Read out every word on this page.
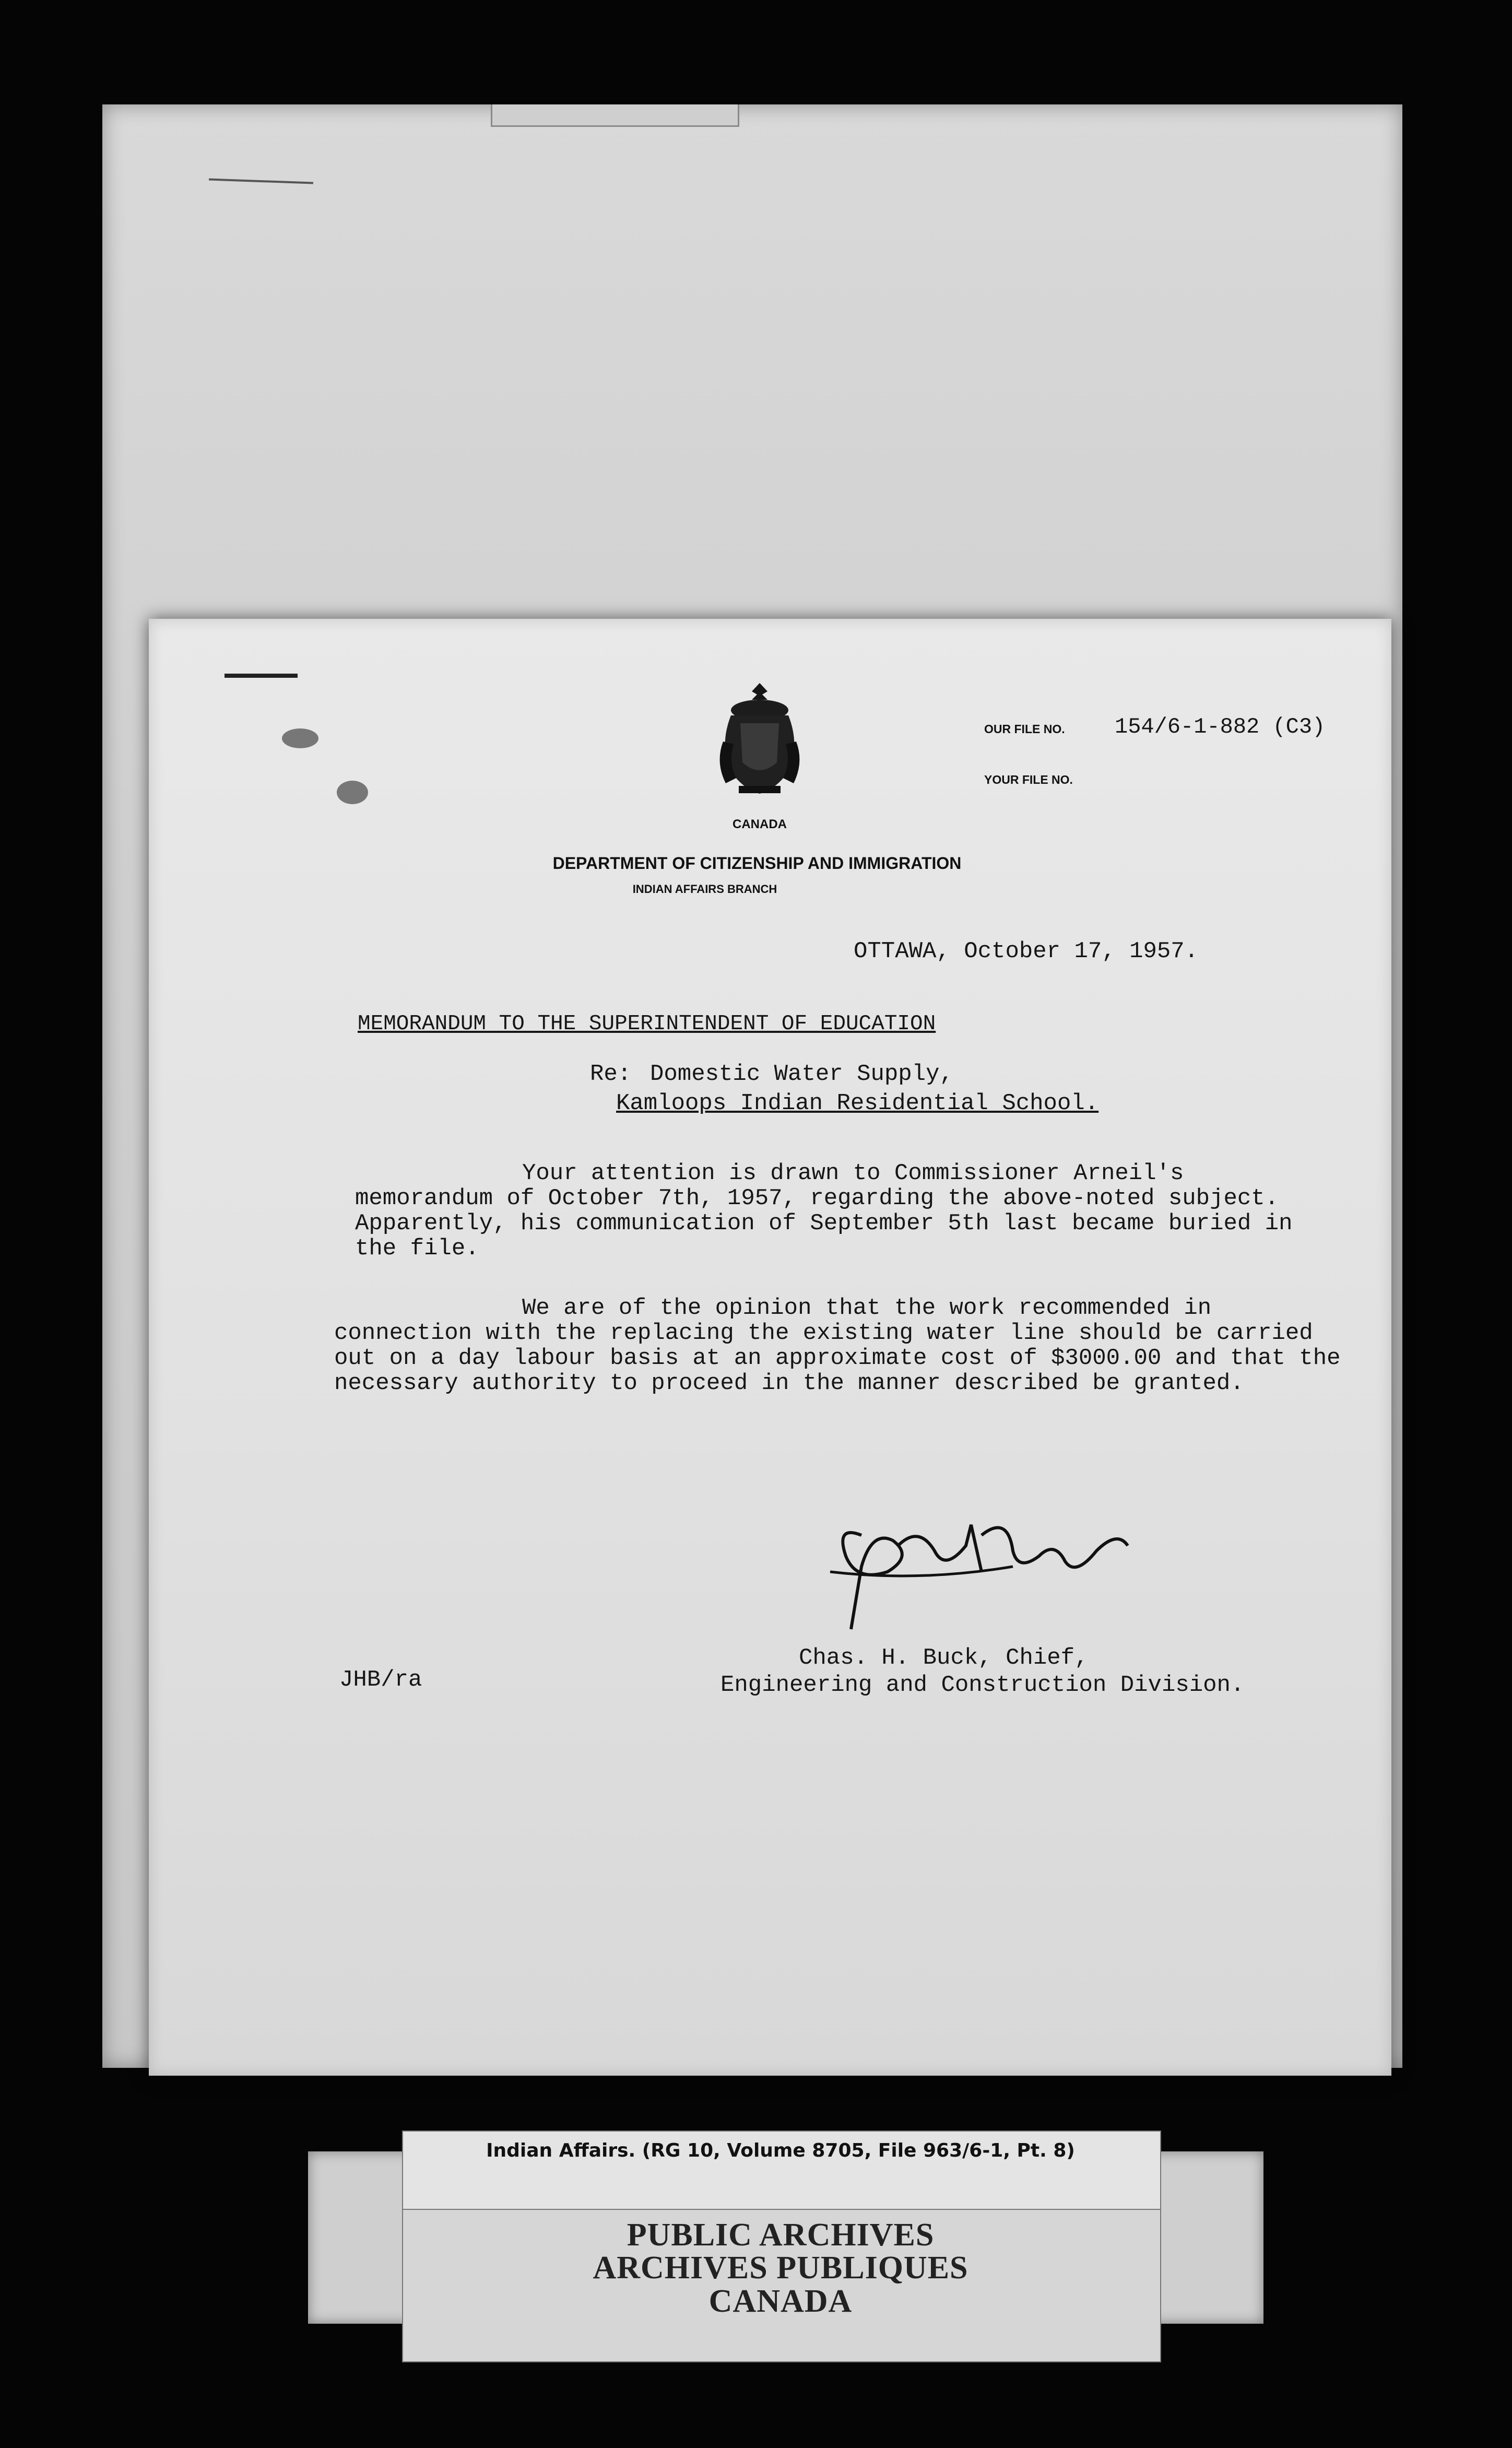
CANADA
DEPARTMENT OF CITIZENSHIP AND IMMIGRATION
INDIAN AFFAIRS BRANCH
OUR FILE NO. 154/6-1-882 (C3)
YOUR FILE NO.
OTTAWA, October 17, 1957.
MEMORANDUM TO THE SUPERINTENDENT OF EDUCATION
Re: Domestic Water Supply,
Kamloops Indian Residential School.
Your attention is drawn to Commissioner Arneil's
memorandum of October 7th, 1957, regarding the above-noted subject.
Apparently, his communication of September 5th last became buried in
the file.
We are of the opinion that the work recommended in
connection with the replacing the existing water line should be carried
out on a day labour basis at an approximate cost of $3000.00 and that the
necessary authority to proceed in the manner described be granted.
JHB/ra
Chas. H. Buck, Chief,
Engineering and Construction Division.
Indian Affairs. (RG 10, Volume 8705, File 963/6-1, Pt. 8)
PUBLIC ARCHIVES
ARCHIVES PUBLIQUES
CANADA
